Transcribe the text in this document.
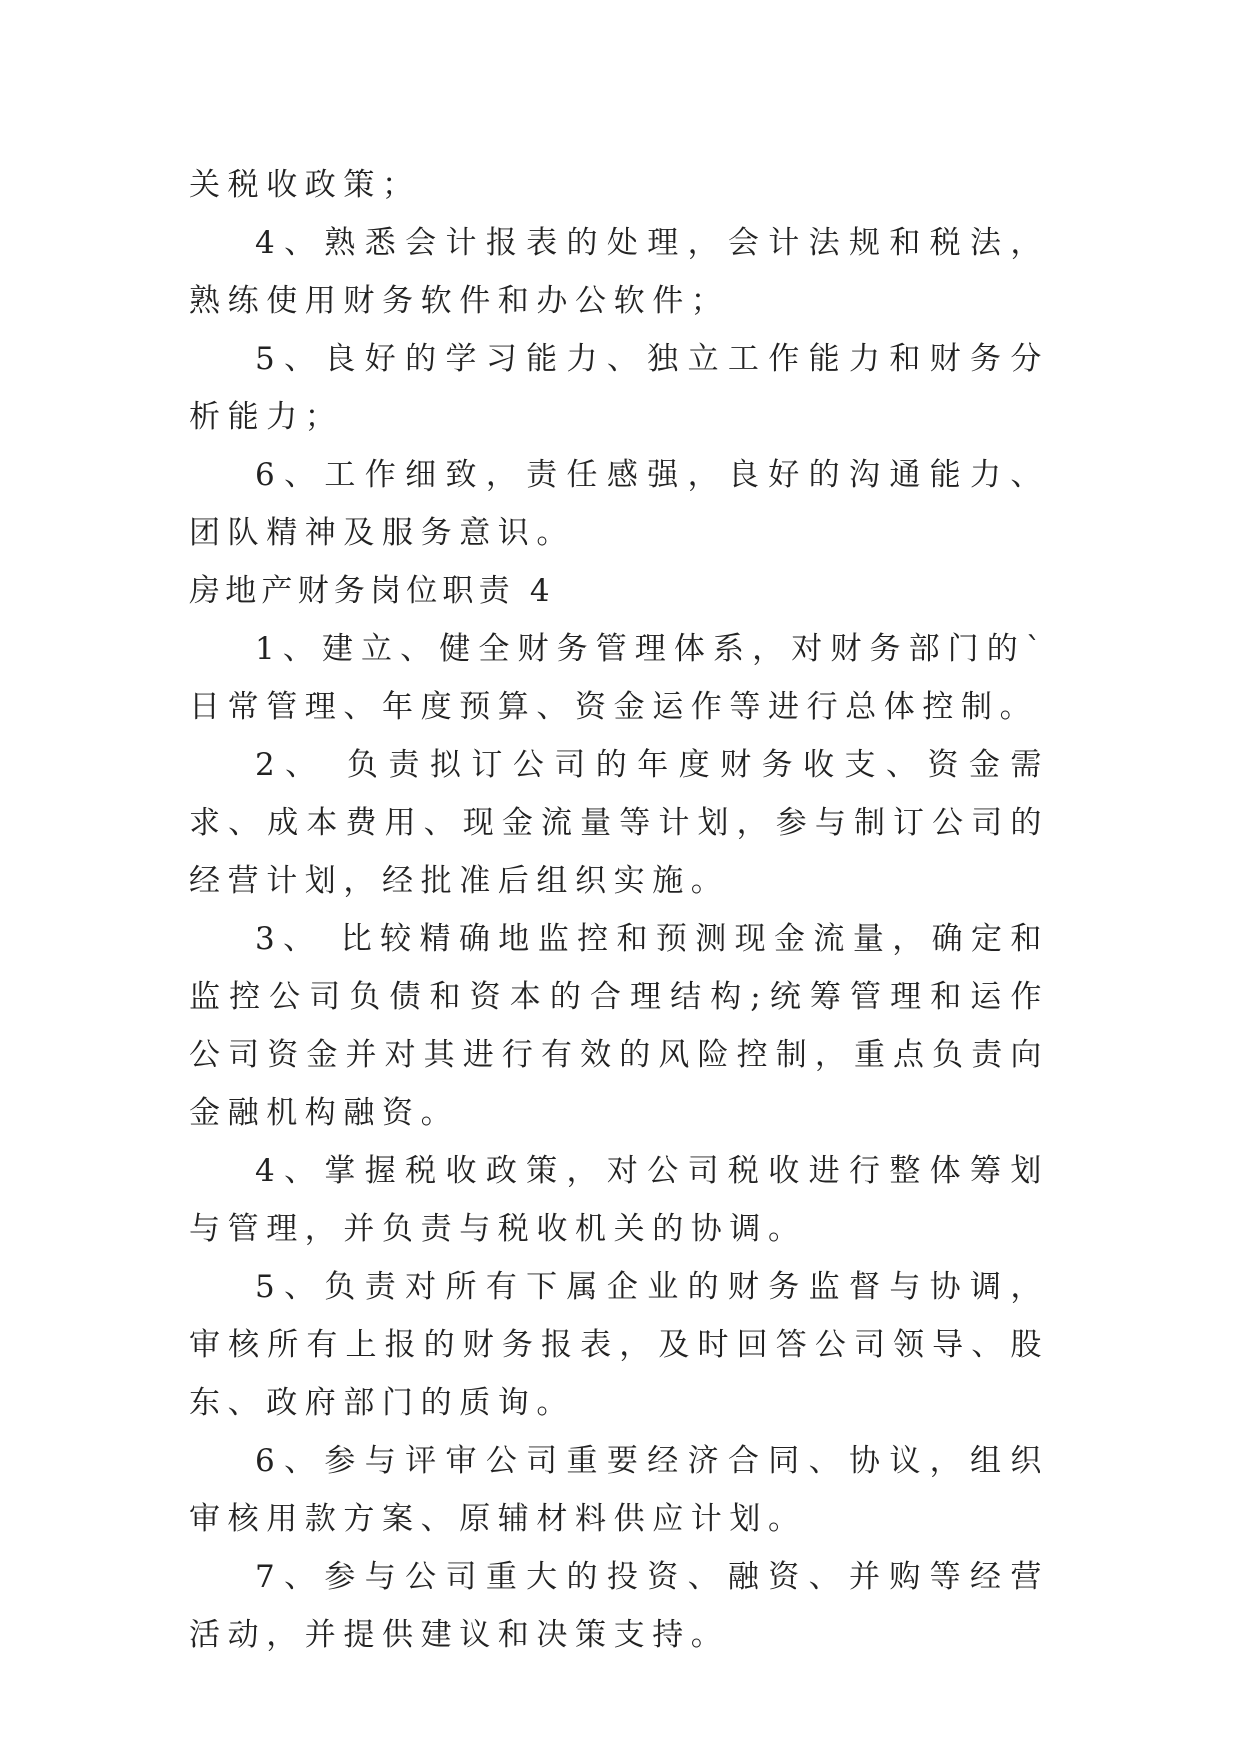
关税收政策；

4、熟悉会计报表的处理，会计法规和税法，熟练使用财务软件和办公软件；

5、良好的学习能力、独立工作能力和财务分析能力；

6、工作细致，责任感强，良好的沟通能力、团队精神及服务意识。

房地产财务岗位职责 4

1、建立、健全财务管理体系，对财务部门的`日常管理、年度预算、资金运作等进行总体控制。

2、 负责拟订公司的年度财务收支、资金需求、成本费用、现金流量等计划，参与制订公司的经营计划，经批准后组织实施。

3、 比较精确地监控和预测现金流量，确定和监控公司负债和资本的合理结构;统筹管理和运作公司资金并对其进行有效的风险控制，重点负责向金融机构融资。

4、掌握税收政策，对公司税收进行整体筹划与管理，并负责与税收机关的协调。

5、负责对所有下属企业的财务监督与协调，审核所有上报的财务报表，及时回答公司领导、股东、政府部门的质询。

6、参与评审公司重要经济合同、协议，组织审核用款方案、原辅材料供应计划。

7、参与公司重大的投资、融资、并购等经营活动，并提供建议和决策支持。
